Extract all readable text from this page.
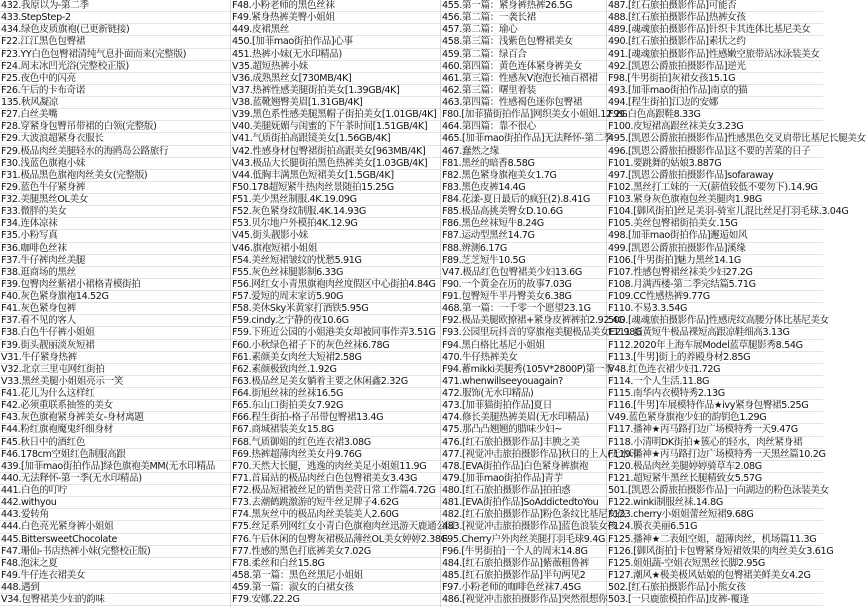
432.我原以为-第二季
433.StepStep-2
434.绿色皮质旗袍(已更新链接)
F22.江江黑色包臀裙
F23.YY白色包臀裙清纯气息扑面而来(完整版)
F24.周末冰凹光浴(完整校正版)
F25.夜色中的闪亮
F26.午后的卡布奇诺
135.秋风凝凉
F27.白丝美嘴
F28.穿紧身包臀吊带裙的白领(完整版)
F29.大波浪超紧身衣服长
F29.极品肉丝美腿轻水的海鸥岛公路旅行
F30.浅蓝色旗袍小妹
F31.极品黑色旗袍肉丝美女(完整版)
F29.蓝色牛仔紧身裤
F32.美腿黑丝OL美女
F33.微胖的美女
F34.连体凉袜
F35.小粉写真
F36.咖啡色丝袜
F37.牛仔裤肉丝美腿
F38.逛商场的黑丝
F39.包臀肉丝紫裙小裙格青模街拍
F40.灰色紧身旗袍14.52G
F41.灰色紧身包裤
F37.看不见的客人
F38.白色牛仔裤小姐姐
F39.街头靓丽淡灰短裙
V31.牛仔紧身热裤
V32.北京三里屯网红街拍
V33.黑丝美腿小姐姐亮示一笑
F41.花儿为什么这样红
F42.必须重联系抽签的美女
F43.灰色旗袍紧身裤美女-身材离题
F44.粉红旗袍魔鬼纤细身材
F45.秋日中的酒红色
F46.178cm空姐红色制服高跟
439.[加菲mao街拍作品]绿色旗袍美MM(无水印精品
440.无法释怀-第一季(无水印精品)
441.白色的叮咛
442.withyou
443.爱转角
444.白色亮光紧身裤小姐姐
445.BittersweetChocolate
F47.珊仙-书店热裤小妹(完整校正版)
F48.泡沫之夏
F49.牛仔连衣裙美女
448.遇到
V34.包臀裙美少妇的韵味
F48.小粉老师的黑色丝袜
F49.紧身热裤美臀小姐姐
449.皮裙黑丝
450.[加菲mao街拍作品]心事
451.热裤小妹(无水印精品)
V35.超短热裤小妹
V36.成熟黑丝女[730MB/4K]
V37.热裤性感美腿街拍美女[1.39GB/4K]
V38.蓝靴翘臀美眉[1.31GB/4K]
V39.黑色系性感美腿黑帽子街拍美女[1.01GB/4K]
V40.美腿妩媚与闺蜜的下午茶时间[1.51GB/4K]
V41.气质街拍高跟镜美女[1.56GB/4K]
V42.性感身材包臀裙街拍高跟美女[963MB/4K]
V43.极品大长腿街拍黑色热裤美女[1.03GB/4K]
V44.低胸丰满黑色短裙美女[1.5GB/4K]
F50.178超短紧牛热肉丝景随拍15.25G
F51.美少黑丝制服.4K.19.09G
F52.灰色紧身纹制服.4K.14.93G
F53.贝尔地户外模拍4K.12.9G
V45.街头靓影小妹
V46.旗袍短裙小姐姐
F54.美丝短裙皱纹的忧愁5.91G
F55.灰色丝袜腿影制6.33G
F56.网红女小青黑旗袍肉丝度假区中心街拍4.84G
F57.爱短的周末家访5.90G
F58.美休Sky米黄家打酒铁5.95G
F59.cindy之宁静的夜10.6G
F59.下班近公园的小姐港美女却被同事作弄3.51G
F60.小秋绿色裙子下的灰色丝袜6.78G
F61.素颜美女肉丝大短裙2.58G
F62.素颜极致肉丝.1.92G
F63.极品丝足美女躺着主要之休闲鑫2.32G
F64.街旭丝袜的丝袜16.5G
F65.东山口街拍美女7.92G
F66.程生街拍-格子吊带包臀裙13.4G
F67.商城裙装美女15.8G
F68.气质御姐的红色连衣裙3.08G
F69.热裤超薄肉丝美女丹9.76G
F70.天然大长腿，逃逸的肉丝美足小姐姐11.9G
F71.首届站的极品肉丝白色包臀裙美女3.43G
F72.极品短裙被丝足的销售美营日常工作篇4.72G
F73.去潮鹤跳激游的短牛丝足牌子4.62G
F74.黑灰丝中的极品肉丝美装美人2.60G
F75.丝足系列网红女小青白色旗袍肉丝迅游天鹿通公园
F76.午后休闲的包臀灰裙极品薄丝OL美女婷婷2.38G
F77.性感的黑色打底裤美女7.02G
F78.柔丝和白丝15.8G
458.第一篇：黑色丝黑尼小姐姐
459.第一篇：淑女的白裙女孩
F79.安娜.22.2G
455.第一篇：紧身裤热裤26.5G
456.第二篇：一袭长裙
457.第二篇：瑜心
458.第三篇：浅紫色包臀裙美女
459.第二篇：绿百合
460.第四篇：黄色连体紧身裤美女
461.第三篇：性感灰V泡泡长袖百褶裙
462.第三篇：曙里着装
463.第四篇：性感褐色迷你包臀裙
F80.[加菲猫街拍作品]网织美女小姐姐.12.2G
464.第四篇：靠不很心
465.[加菲mao街拍作品]无法释怀-第二季
467.蠢然之缘
F81.黑丝的暗香8.58G
F82.黑色紧身旗袍美女1.7G
F83.黑色皮裤14.4G
F84.花漾-夏日最后的疯狂(2).8.41G
F85.极品高挑美臀女D.10.6G
F86.黑色丝袜短牛8.24G
F87.运动型黑丝14.7G
F88.辨测6.17G
F89.芝芝短牛10.5G
V47.极品红色包臀裙美少妇13.6G
F90.一个黄金在历的故事7.03G
F91.包臀短牛半丹臀美女6.38G
468.第一篇：一千零一个愿望23.1G
F92.极品美腿欧撩裙+紧身皮裤裤拍2.92.4G
F93.公园里玩抖音的穿旗袍美腿极品美女E2.98G
F94.黑白格比基尼小姐姐
470.牛仔热裤美女
F94.蓄mikki美腿秀(105V*2800P)第一季
471.whenwillseeyouagain?
472.服饰(无水印精品)
473.[加菲猫街拍作品]夏日
474.修长美腿热裤美眉(无水印精品)
475.那凸凸翘翘的腊味少妇~
476.[红石旅拍摄影作品]丰腴之美
477.[视觉冲击旅拍摄影作品]秋日的上人(无水印
478.[EVA街拍作品]白色紧身裤旗袍
479.[加菲mao街拍作品]青芋
480.[红石旅拍摄影作品]拍拍惑
481.[EVA街拍作品]SoAddictedtoYou
482.[红石旅拍摄影作品]粉色条纹比基尼女孩
483.[视觉冲击旅拍摄影作品]蓝色浪装女孩
F95.Cherry户外肉丝美腿打羽毛球9.4G
F96.[牛男街拍]一个人的周末14.8G
484.[红石旅拍摄影作品]紫薇粗鲁裤
485.[红石旅拍摄影作品]半句两见2
F97.小粉老师的咖啡色丝袜7.45G
486.[视觉冲击旅拍摄影作品]突然很想你
487.[红石旅拍摄影作品]可能否
488.[红石旅拍摄影作品]热裤女孩
489.[魂魂旅拍摄影作品]针织卡其连体比基尼美女
490.[红石旅拍摄影作品]素状之约
491.[魂魂旅拍摄影作品]性感嫩空旅带站冰泳装美女
492.[凯恩公爵旅拍摄影作品]逆光
F98.[牛男街拍]灰裙女孩15.1G
493.[加菲mao街拍作品]南京的猫
494.[程生街拍]江边的安娜
F99.白色高跟鞋8.33G
F100.皮短裙高跟丝袜美女3.23G
495.[凯恩公爵旅拍摄影作品]性感黑色交叉肩带比基尼长腿美女
496.[凯恩公爵旅拍摄影作品]这不要的苦菜的日子
F101.要跳舞的姑娘3.887G
497.[凯恩公爵旅拍摄影作品]sofaraway
F102.黑丝打工妹的一天(薪值较低不要勿下).14.9G
F103.紧身灰色旗袍包丝美腿肉1.98G
F104.[御风街拍]丝足美羽-骑室儿混比丝足打羽毛球.3.04G
F105.美丝包臀裙街拍美女.15G
498.[加菲mao街拍作品]邂逅如风
499.[凯恩公爵旅拍摄影作品]溪缘
F106.[牛男街拍]魅力黑丝14.1G
F107.性感包臀裙丝袜美少妇27.2G
F108.月满西楼-第二季完结篇5.71G
F109.CC性感热裤9.77G
F110.不易3.3.54G
500.[魂魂旅拍摄影作品]性感虎纹高腰分体比基尼美女
F111.蛋黄短牛极品裸短高跟凉鞋细高3.13G
F112.2020年上海车展Model蓝草腿影秀8.54G
F113.[牛男]街上的养殿身材2.85G
V48.红色连衣裙少妇1.72G
F114.一个人生活.11.8G
F115.南华内衣模特秀2.13G
F116.[牛男]车展模特作品★ivy紧身包臀裙5.25G
V49.蓝色紧身旗袍少妇的韵钥色1.29G
F117.播神★丙马路打边广场模特秀一天9.47G
F118.小清明DK街拍★簇心的轻水，肉丝紧身裙
F119.播神★丙马路打边广场模特秀一天黑丝篇10.2G
F120.极品肉丝美腿婷婷骑草车2.08G
F121.超短紧牛黑丝长腿精致女5.57G
501.[凯恩公爵旅拍摄影作品]一向湖边的粉色泳装美女
F122.winki制服丝袜.14.8G
F123.cherry小姐姐蕾丝短裙9.68G
F124.膜衣美丽6.51G
F125.播神★二表姐空姐，超薄肉丝，机场篇11.3G
F126.[御风街拍]卡包臀紧身短裙效果的肉丝美女3.61G
F125.姐姐蔬-空姐衣短黑丝长脚2.95G
F127.潮风★极美极风姑娘的包臀裙美鲜美女4.2G
502.[红石旅拍摄影作品]小熊女孩
503.[一只鹿旅模拍作品]皮裤-覆逢
